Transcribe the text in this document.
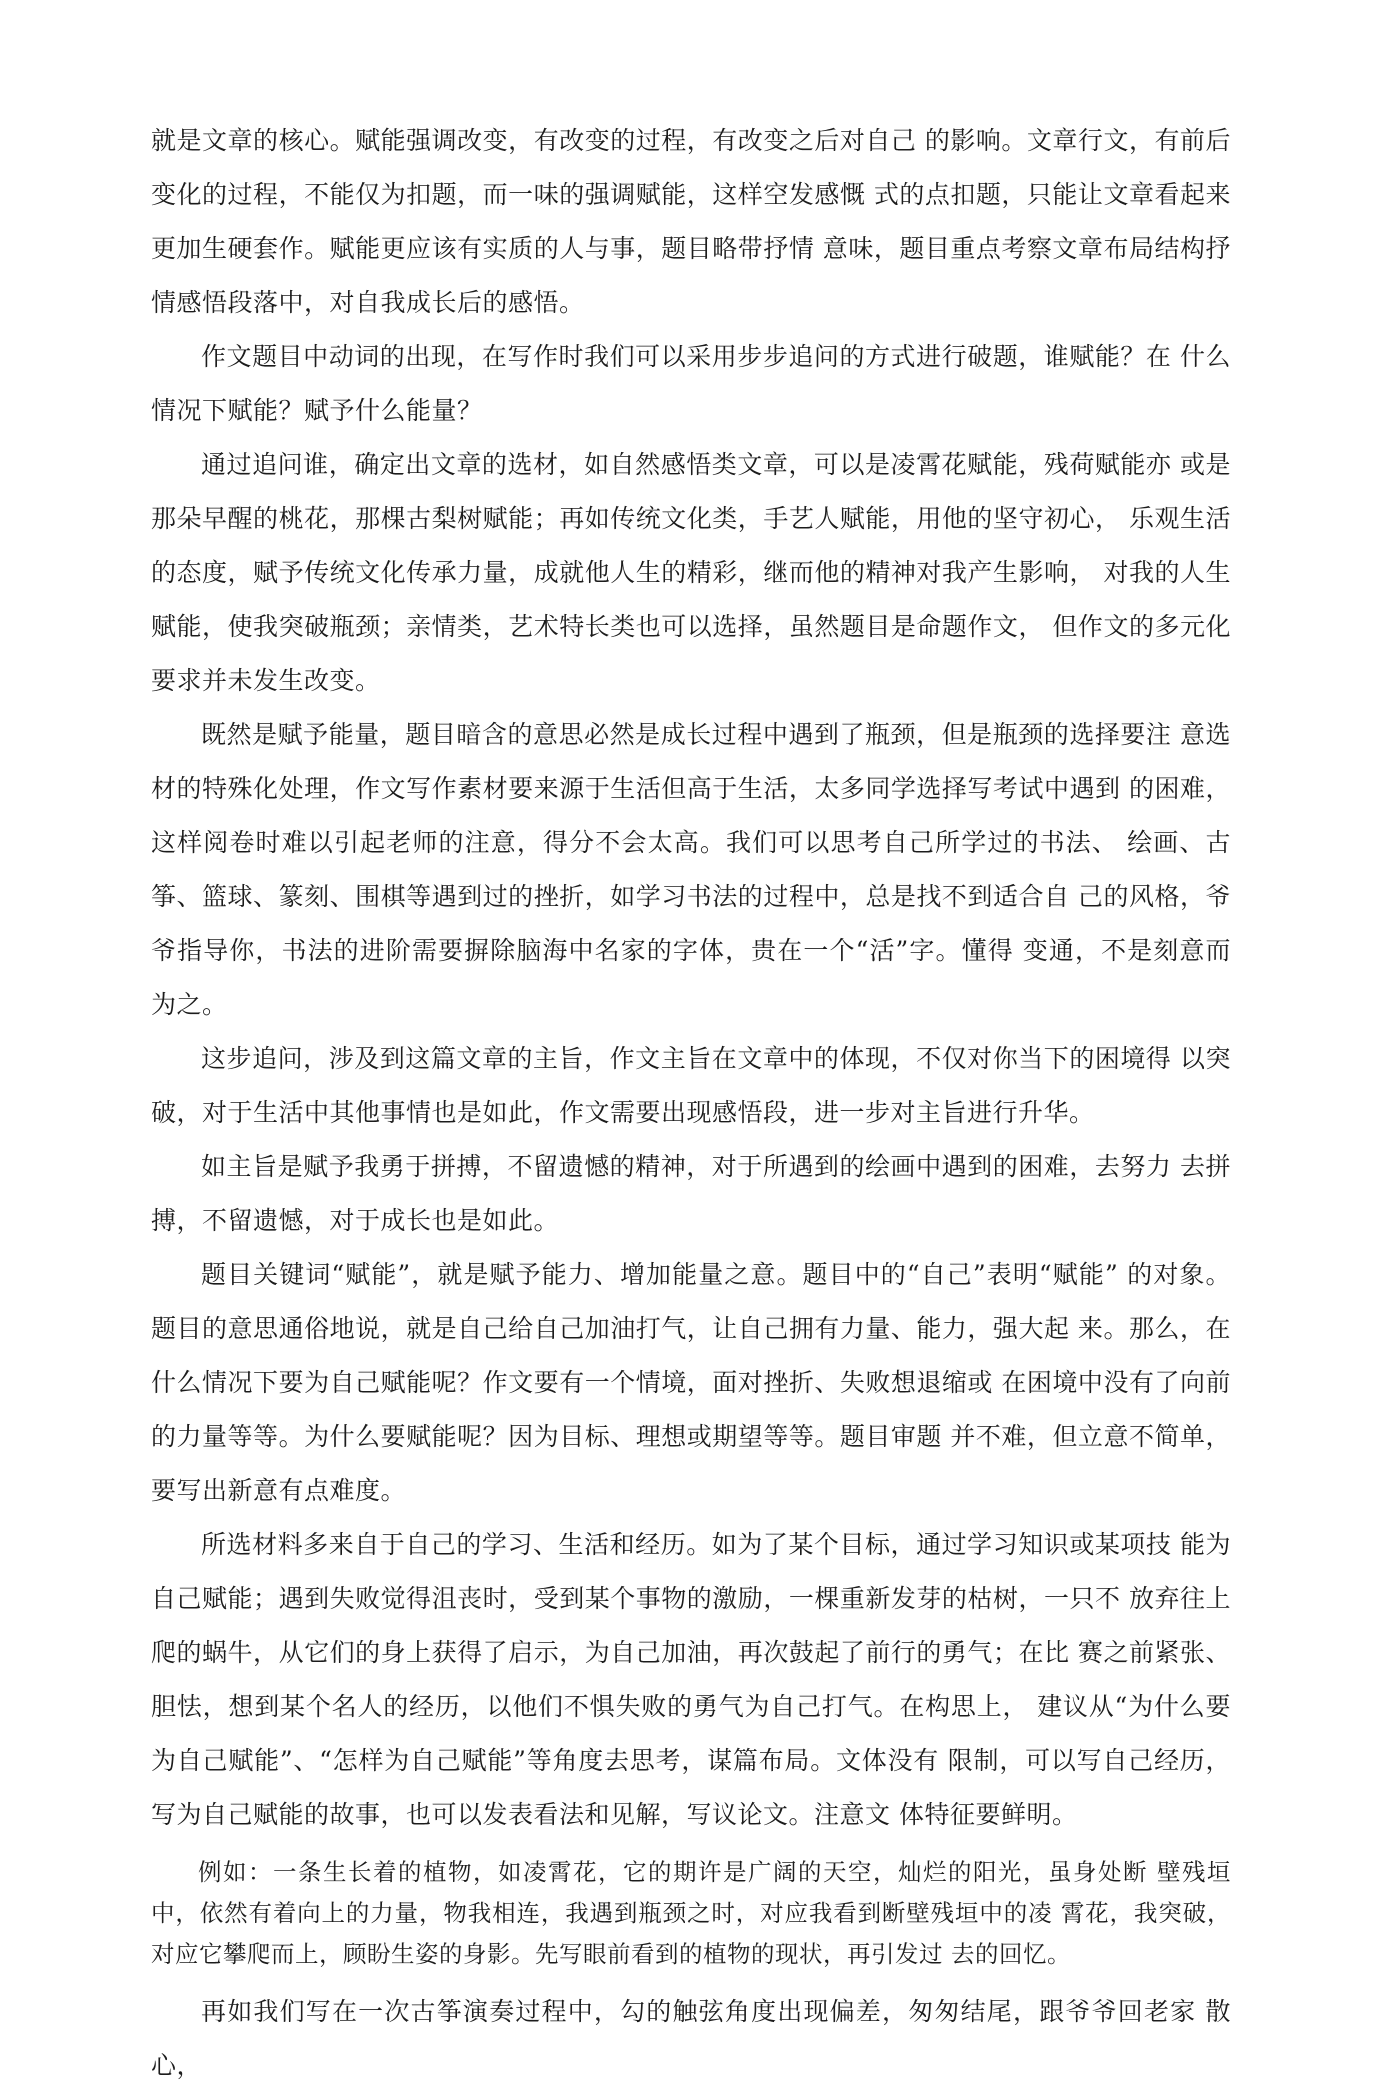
就是文章的核心。赋能强调改变，有改变的过程，有改变之后对自己 的影响。文章行文，有前后变化的过程，不能仅为扣题，而一味的强调赋能，这样空发感慨 式的点扣题，只能让文章看起来更加生硬套作。赋能更应该有实质的人与事，题目略带抒情 意味，题目重点考察文章布局结构抒情感悟段落中，对自我成长后的感悟。

作文题目中动词的出现，在写作时我们可以采用步步追问的方式进行破题，谁赋能？在 什么情况下赋能？赋予什么能量？

通过追问谁，确定出文章的选材，如自然感悟类文章，可以是凌霄花赋能，残荷赋能亦 或是那朵早醒的桃花，那棵古梨树赋能；再如传统文化类，手艺人赋能，用他的坚守初心， 乐观生活的态度，赋予传统文化传承力量，成就他人生的精彩，继而他的精神对我产生影响， 对我的人生赋能，使我突破瓶颈；亲情类，艺术特长类也可以选择，虽然题目是命题作文， 但作文的多元化要求并未发生改变。

既然是赋予能量，题目暗含的意思必然是成长过程中遇到了瓶颈，但是瓶颈的选择要注 意选材的特殊化处理，作文写作素材要来源于生活但高于生活，太多同学选择写考试中遇到 的困难，这样阅卷时难以引起老师的注意，得分不会太高。我们可以思考自己所学过的书法、 绘画、古筝、篮球、篆刻、围棋等遇到过的挫折，如学习书法的过程中，总是找不到适合自 己的风格，爷爷指导你，书法的进阶需要摒除脑海中名家的字体，贵在一个“活”字。懂得 变通，不是刻意而为之。

这步追问，涉及到这篇文章的主旨，作文主旨在文章中的体现，不仅对你当下的困境得 以突破，对于生活中其他事情也是如此，作文需要出现感悟段，进一步对主旨进行升华。

如主旨是赋予我勇于拼搏，不留遗憾的精神，对于所遇到的绘画中遇到的困难，去努力 去拼搏，不留遗憾，对于成长也是如此。

题目关键词“赋能”，就是赋予能力、增加能量之意。题目中的“自己”表明“赋能” 的对象。题目的意思通俗地说，就是自己给自己加油打气，让自己拥有力量、能力，强大起 来。那么，在什么情况下要为自己赋能呢？作文要有一个情境，面对挫折、失败想退缩或 在困境中没有了向前的力量等等。为什么要赋能呢？因为目标、理想或期望等等。题目审题 并不难，但立意不简单，要写出新意有点难度。

所选材料多来自于自己的学习、生活和经历。如为了某个目标，通过学习知识或某项技 能为自己赋能；遇到失败觉得沮丧时，受到某个事物的激励，一棵重新发芽的枯树，一只不 放弃往上爬的蜗牛，从它们的身上获得了启示，为自己加油，再次鼓起了前行的勇气；在比 赛之前紧张、胆怯，想到某个名人的经历，以他们不惧失败的勇气为自己打气。在构思上， 建议从“为什么要为自己赋能”、“怎样为自己赋能”等角度去思考，谋篇布局。文体没有 限制，可以写自己经历，写为自己赋能的故事，也可以发表看法和见解，写议论文。注意文 体特征要鲜明。

例如：一条生长着的植物，如凌霄花，它的期许是广阔的天空，灿烂的阳光，虽身处断 壁残垣中，依然有着向上的力量，物我相连，我遇到瓶颈之时，对应我看到断壁残垣中的凌 霄花，我突破，对应它攀爬而上，顾盼生姿的身影。先写眼前看到的植物的现状，再引发过 去的回忆。

再如我们写在一次古筝演奏过程中，勾的触弦角度出现偏差，匆匆结尾，跟爷爷回老家 散心，
